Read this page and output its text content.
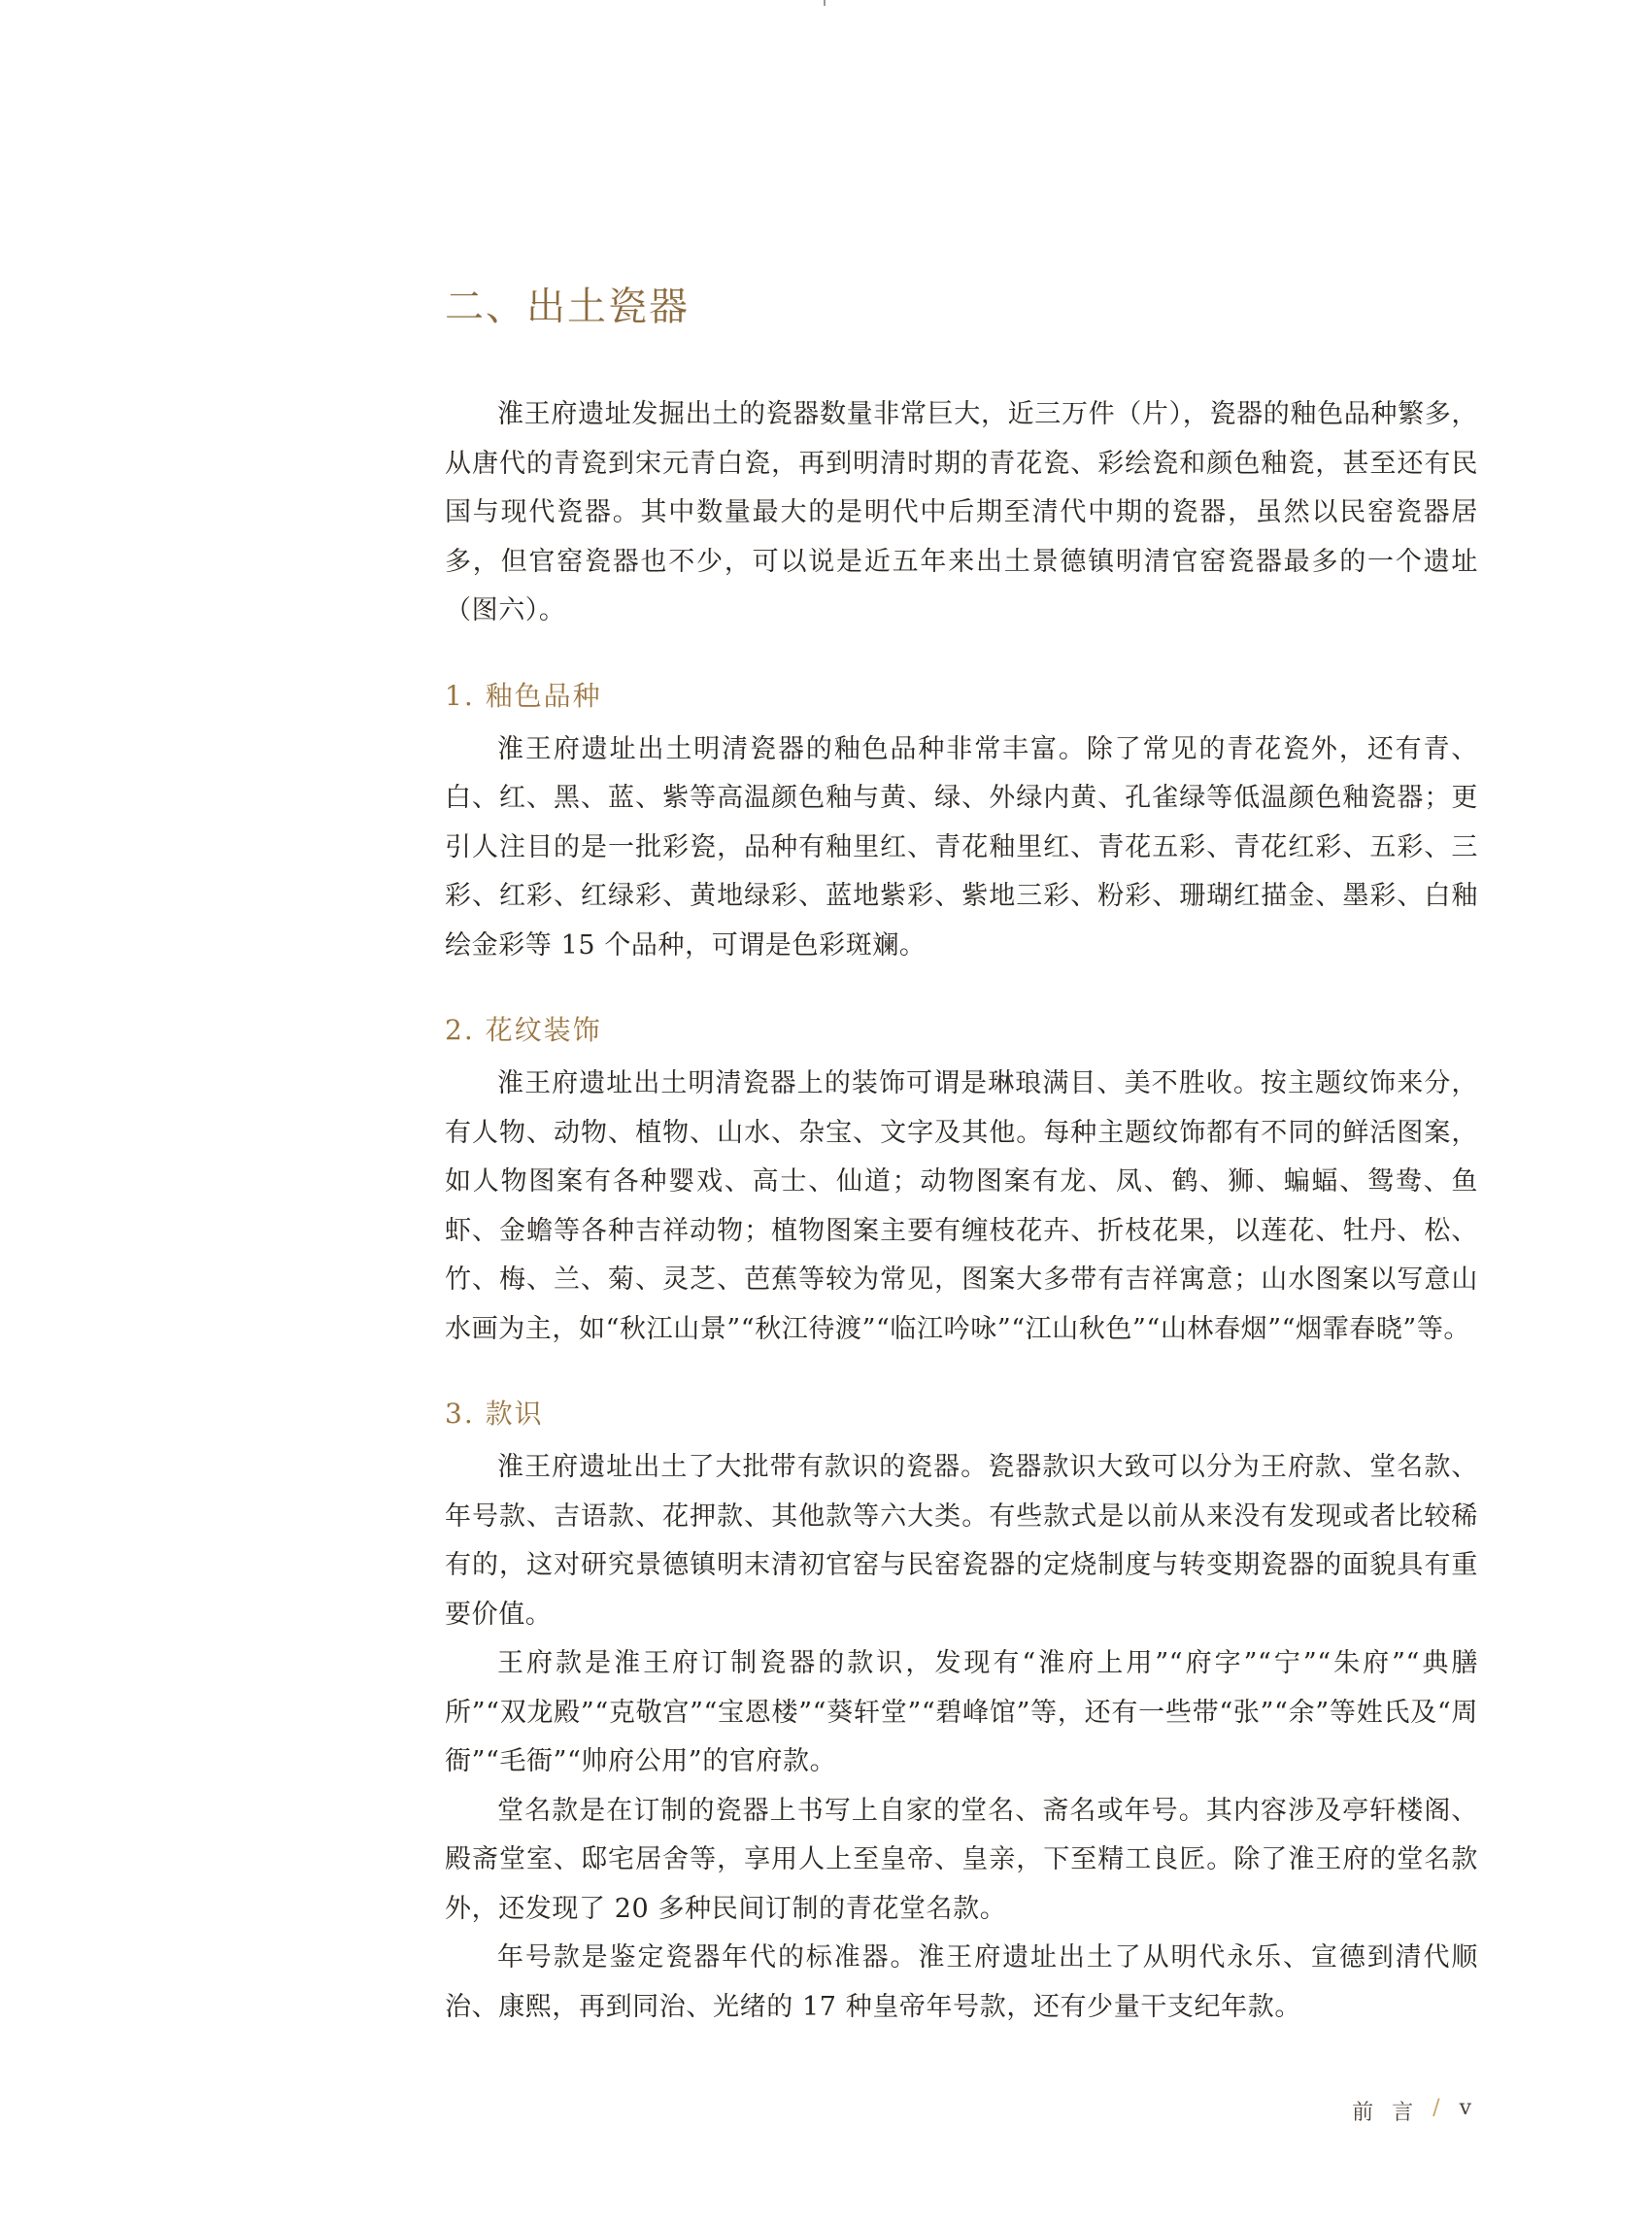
二、出土瓷器

淮王府遗址发掘出土的瓷器数量非常巨大，近三万件（片），瓷器的釉色品种繁多，从唐代的青瓷到宋元青白瓷，再到明清时期的青花瓷、彩绘瓷和颜色釉瓷，甚至还有民国与现代瓷器。其中数量最大的是明代中后期至清代中期的瓷器，虽然以民窑瓷器居多，但官窑瓷器也不少，可以说是近五年来出土景德镇明清官窑瓷器最多的一个遗址（图六）。

1. 釉色品种

淮王府遗址出土明清瓷器的釉色品种非常丰富。除了常见的青花瓷外，还有青、白、红、黑、蓝、紫等高温颜色釉与黄、绿、外绿内黄、孔雀绿等低温颜色釉瓷器；更引人注目的是一批彩瓷，品种有釉里红、青花釉里红、青花五彩、青花红彩、五彩、三彩、红彩、红绿彩、黄地绿彩、蓝地紫彩、紫地三彩、粉彩、珊瑚红描金、墨彩、白釉绘金彩等 15 个品种，可谓是色彩斑斓。

2. 花纹装饰

淮王府遗址出土明清瓷器上的装饰可谓是琳琅满目、美不胜收。按主题纹饰来分，有人物、动物、植物、山水、杂宝、文字及其他。每种主题纹饰都有不同的鲜活图案，如人物图案有各种婴戏、高士、仙道；动物图案有龙、凤、鹤、狮、蝙蝠、鸳鸯、鱼虾、金蟾等各种吉祥动物；植物图案主要有缠枝花卉、折枝花果，以莲花、牡丹、松、竹、梅、兰、菊、灵芝、芭蕉等较为常见，图案大多带有吉祥寓意；山水图案以写意山水画为主，如“秋江山景”“秋江待渡”“临江吟咏”“江山秋色”“山林春烟”“烟霏春晓”等。

3. 款识

淮王府遗址出土了大批带有款识的瓷器。瓷器款识大致可以分为王府款、堂名款、年号款、吉语款、花押款、其他款等六大类。有些款式是以前从来没有发现或者比较稀有的，这对研究景德镇明末清初官窑与民窑瓷器的定烧制度与转变期瓷器的面貌具有重要价值。

王府款是淮王府订制瓷器的款识，发现有“淮府上用”“府字”“宁”“朱府”“典膳所”“双龙殿”“克敬宫”“宝恩楼”“葵轩堂”“碧峰馆”等，还有一些带“张”“余”等姓氏及“周衙”“毛衙”“帅府公用”的官府款。

堂名款是在订制的瓷器上书写上自家的堂名、斋名或年号。其内容涉及亭轩楼阁、殿斋堂室、邸宅居舍等，享用人上至皇帝、皇亲，下至精工良匠。除了淮王府的堂名款外，还发现了 20 多种民间订制的青花堂名款。

年号款是鉴定瓷器年代的标准器。淮王府遗址出土了从明代永乐、宣德到清代顺治、康熙，再到同治、光绪的 17 种皇帝年号款，还有少量干支纪年款。

前 言 / v
